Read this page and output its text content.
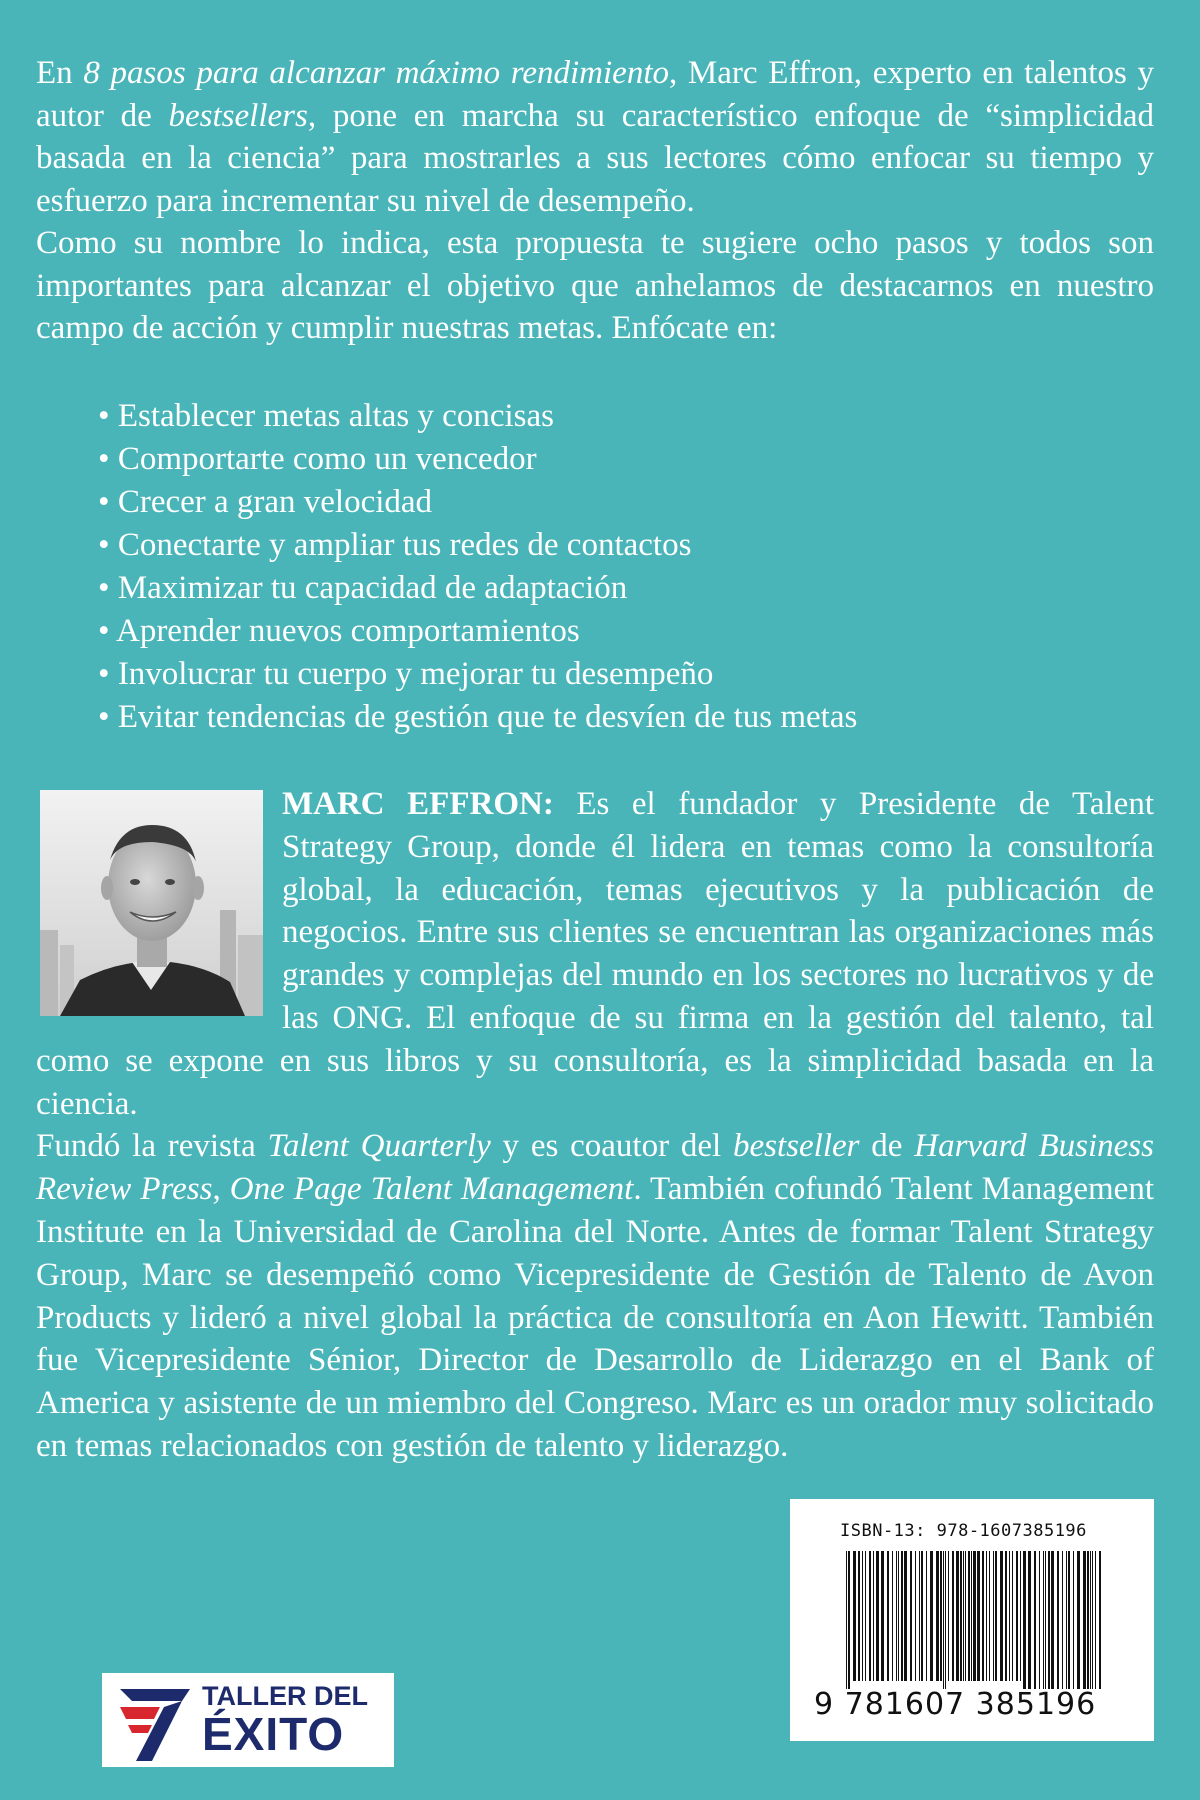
En 8 pasos para alcanzar máximo rendimiento, Marc Effron, experto en talentos y autor de bestsellers, pone en marcha su característico enfoque de “simplicidad basada en la ciencia” para mostrarles a sus lectores cómo enfocar su tiempo y esfuerzo para incrementar su nivel de desempeño.

Como su nombre lo indica, esta propuesta te sugiere ocho pasos y todos son importantes para alcanzar el objetivo que anhelamos de destacarnos en nuestro campo de acción y cumplir nuestras metas. Enfócate en:

• Establecer metas altas y concisas
• Comportarte como un vencedor
• Crecer a gran velocidad
• Conectarte y ampliar tus redes de contactos
• Maximizar tu capacidad de adaptación
• Aprender nuevos comportamientos
• Involucrar tu cuerpo y mejorar tu desempeño
• Evitar tendencias de gestión que te desvíen de tus metas

MARC EFFRON: Es el fundador y Presidente de Talent Strategy Group, donde él lidera en temas como la consultoría global, la educación, temas ejecutivos y la publicación de negocios. Entre sus clientes se encuentran las organizaciones más grandes y complejas del mundo en los sectores no lucrativos y de las ONG. El enfoque de su firma en la gestión del talento, tal como se expone en sus libros y su consultoría, es la simplicidad basada en la ciencia.

Fundó la revista Talent Quarterly y es coautor del bestseller de Harvard Business Review Press, One Page Talent Management. También cofundó Talent Management Institute en la Universidad de Carolina del Norte. Antes de formar Talent Strategy Group, Marc se desempeñó como Vicepresidente de Gestión de Talento de Avon Products y lideró a nivel global la práctica de consultoría en Aon Hewitt. También fue Vicepresidente Sénior, Director de Desarrollo de Liderazgo en el Bank of America y asistente de un miembro del Congreso. Marc es un orador muy solicitado en temas relacionados con gestión de talento y liderazgo.

ISBN-13: 978-1607385196
9 781607 385196
TALLER DEL
ÉXITO
